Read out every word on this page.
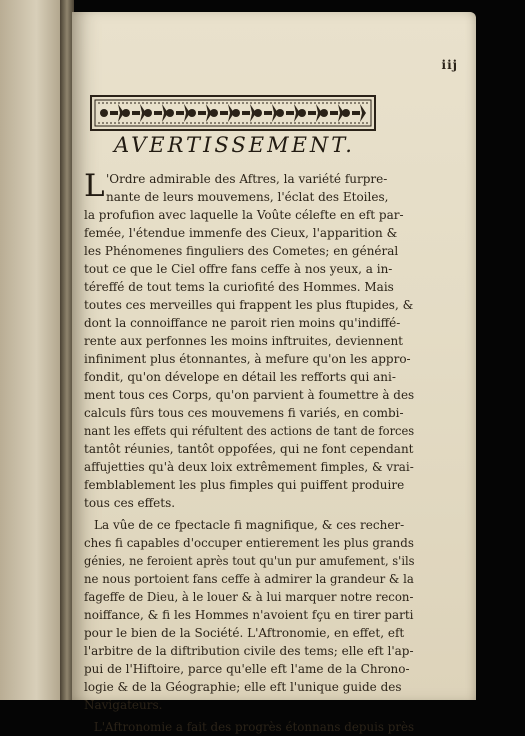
iij
AVERTISSEMENT.
L 'Ordre admirable des Aftres, la variété furpre-
nante de leurs mouvemens, l'éclat des Etoiles,
la profufion avec laquelle la Voûte célefte en eft par-
femée, l'étendue immenfe des Cieux, l'apparition &
les Phénomenes finguliers des Cometes; en général
tout ce que le Ciel offre fans ceffe à nos yeux, a in-
téreffé de tout tems la curiofité des Hommes. Mais
toutes ces merveilles qui frappent les plus ftupides, &
dont la connoiffance ne paroit rien moins qu'indiffé-
rente aux perfonnes les moins inftruites, deviennent
infiniment plus étonnantes, à mefure qu'on les appro-
fondit, qu'on dévelope en détail les refforts qui ani-
ment tous ces Corps, qu'on parvient à foumettre à des
calculs fûrs tous ces mouvemens fi variés, en combi-
nant les effets qui réfultent des actions de tant de forces
tantôt réunies, tantôt oppofées, qui ne font cependant
affujetties qu'à deux loix extrêmement fimples, & vrai-
femblablement les plus fimples qui puiffent produire
tous ces effets.
La vûe de ce fpectacle fi magnifique, & ces recher-
ches fi capables d'occuper entierement les plus grands
génies, ne feroient après tout qu'un pur amufement, s'ils
ne nous portoient fans ceffe à admirer la grandeur & la
fageffe de Dieu, à le louer & à lui marquer notre recon-
noiffance, & fi les Hommes n'avoient fçu en tirer parti
pour le bien de la Société. L'Aftronomie, en effet, eft
l'arbitre de la diftribution civile des tems; elle eft l'ap-
pui de l'Hiftoire, parce qu'elle eft l'ame de la Chrono-
logie & de la Géographie; elle eft l'unique guide des
Navigateurs.
L'Aftronomie a fait des progrès étonnans depuis près
